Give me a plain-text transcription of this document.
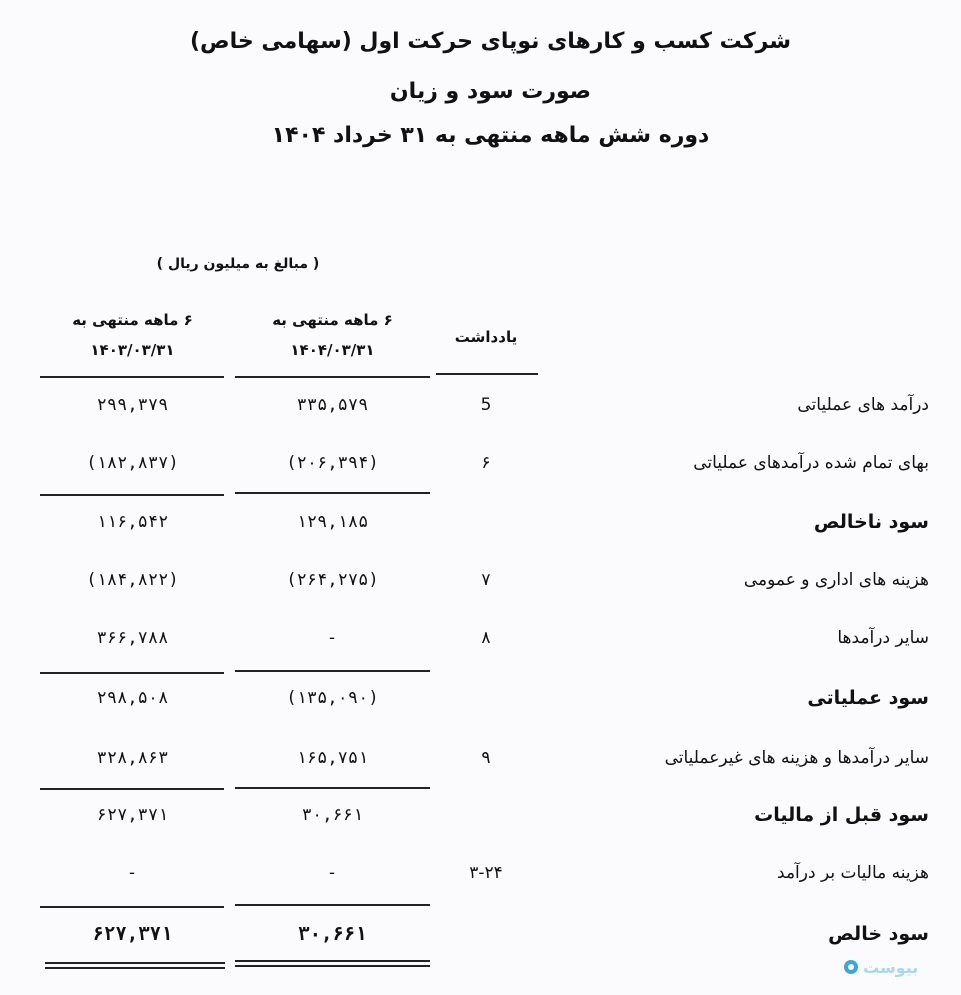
شرکت کسب و کارهای نوپای حرکت اول (سهامی خاص)
صورت سود و زیان
دوره شش ماهه منتهی به ۳۱ خرداد ۱۴۰۴
( مبالغ به میلیون ریال )
۶ ماهه منتهی به
۱۴۰۴/۰۳/۳۱
۶ ماهه منتهی به
۱۴۰۳/۰۳/۳۱
یادداشت
درآمد های عملیاتی
5
۳۳۵,۵۷۹
۲۹۹,۳۷۹
بهای تمام شده درآمدهای عملیاتی
۶
(۲۰۶,۳۹۴)
(۱۸۲,۸۳۷)
سود ناخالص
۱۲۹,۱۸۵
۱۱۶,۵۴۲
هزینه های اداری و عمومی
۷
(۲۶۴,۲۷۵)
(۱۸۴,۸۲۲)
سایر درآمدها
۸
-
۳۶۶,۷۸۸
سود عملیاتی
(۱۳۵,۰۹۰)
۲۹۸,۵۰۸
سایر درآمدها و هزینه های غیرعملیاتی
۹
۱۶۵,۷۵۱
۳۲۸,۸۶۳
سود قبل از مالیات
۳۰,۶۶۱
۶۲۷,۳۷۱
هزینه مالیات بر درآمد
۳-۲۴
-
-
سود خالص
۳۰,۶۶۱
۶۲۷,۳۷۱
بیوست
